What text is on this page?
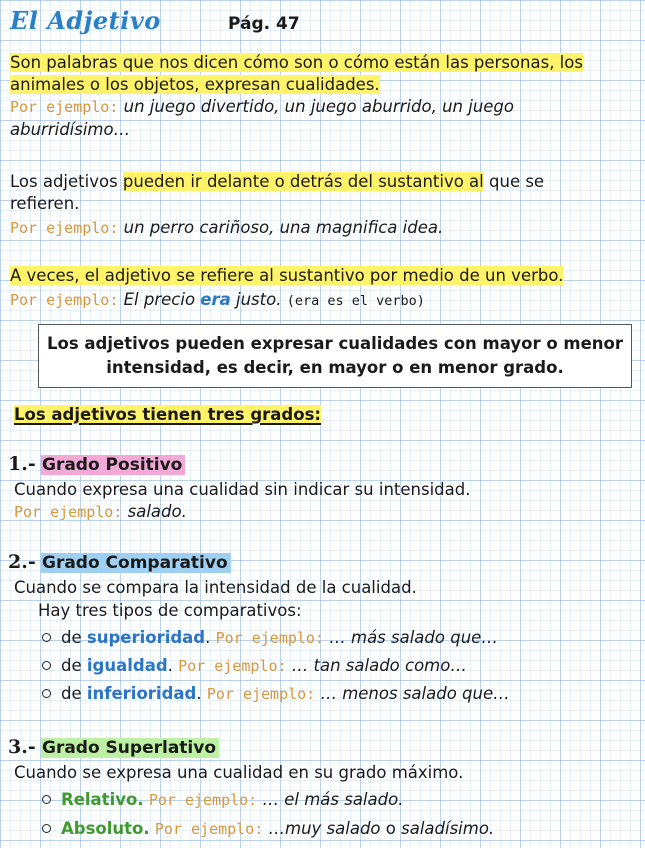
El Adjetivo	Pág. 47
Son palabras que nos dicen cómo son o cómo están las personas, los
animales o los objetos, expresan cualidades.
Por ejemplo: un juego divertido, un juego aburrido, un juego
aburridísimo…
Los adjetivos pueden ir delante o detrás del sustantivo al que se
refieren.
Por ejemplo: un perro cariñoso, una magnifica idea.
A veces, el adjetivo se refiere al sustantivo por medio de un verbo.
Por ejemplo: El precio era justo. (era es el verbo)
Los adjetivos pueden expresar cualidades con mayor o menor
intensidad, es decir, en mayor o en menor grado.
Los adjetivos tienen tres grados:
1.- Grado Positivo
Cuando expresa una cualidad sin indicar su intensidad.
Por ejemplo: salado.
2.- Grado Comparativo
Cuando se compara la intensidad de la cualidad.
Hay tres tipos de comparativos:
de superioridad. Por ejemplo: … más salado que…
de igualdad. Por ejemplo: … tan salado como…
de inferioridad. Por ejemplo: … menos salado que…
3.- Grado Superlativo
Cuando se expresa una cualidad en su grado máximo.
Relativo. Por ejemplo: … el más salado.
Absoluto. Por ejemplo: …muy salado o saladísimo.
